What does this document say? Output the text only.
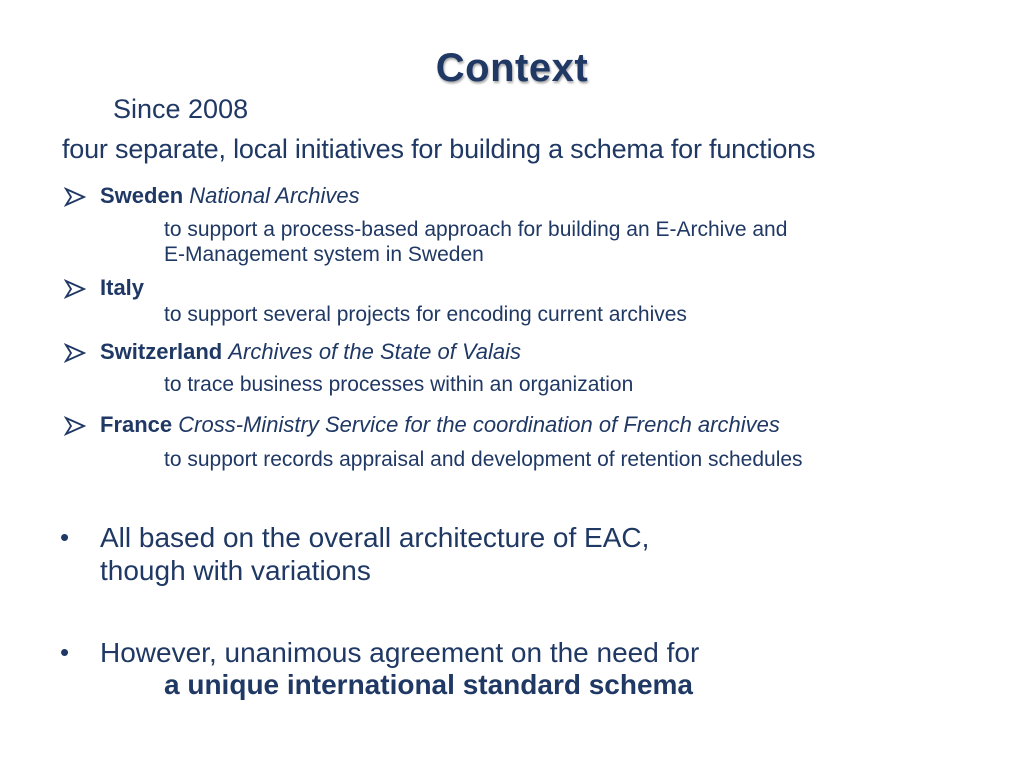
Context
Since 2008
four separate, local initiatives for building a schema for functions
Sweden National Archives
to support a process-based approach for building an E-Archive and
E-Management system in Sweden
Italy
to support several projects for encoding current archives
Switzerland Archives of the State of Valais
to trace business processes within an organization
France Cross-Ministry Service for the coordination of French archives
to support records appraisal and development of retention schedules
• All based on the overall architecture of EAC,
though with variations
• However, unanimous agreement on the need for
a unique international standard schema
